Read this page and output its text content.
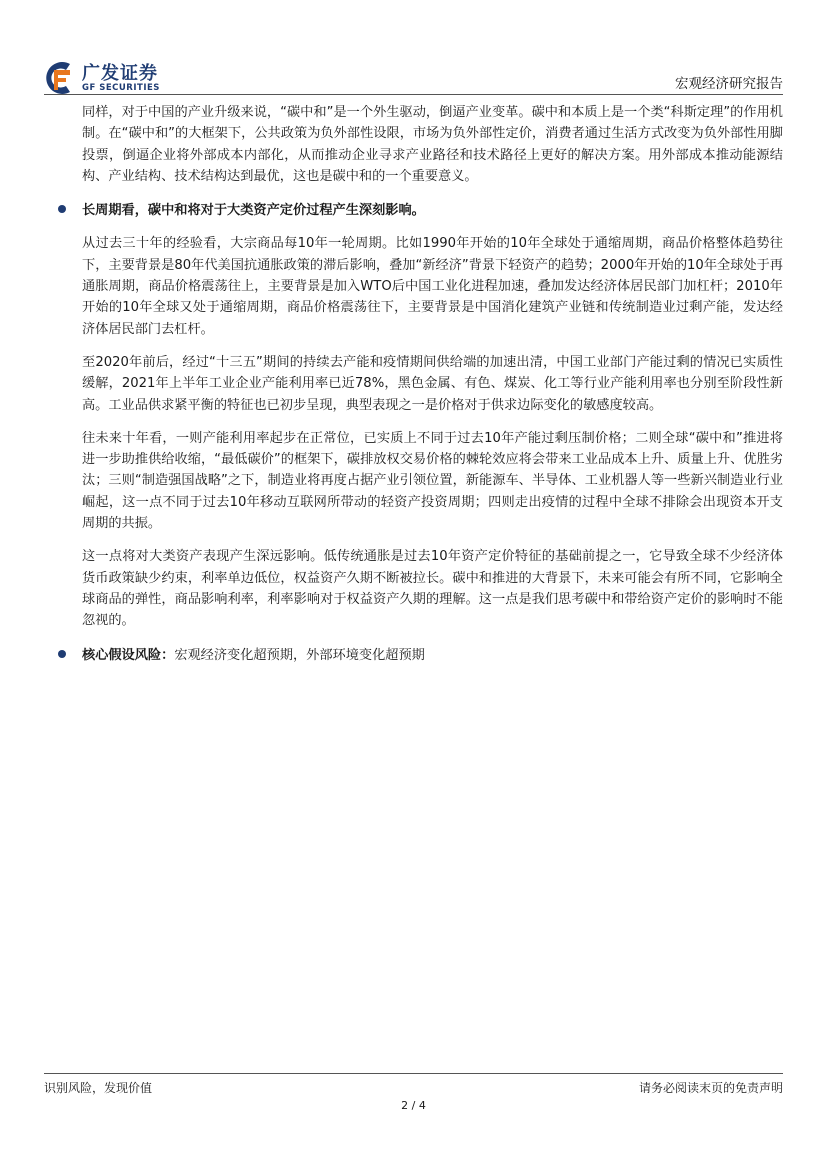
广发证券
GF SECURITIES	宏观经济研究报告

同样，对于中国的产业升级来说，“碳中和”是一个外生驱动，倒逼产业变革。碳中和本质上是一个类“科斯定理”的作用机制。在“碳中和”的大框架下，公共政策为负外部性设限，市场为负外部性定价，消费者通过生活方式改变为负外部性用脚投票，倒逼企业将外部成本内部化，从而推动企业寻求产业路径和技术路径上更好的解决方案。用外部成本推动能源结构、产业结构、技术结构达到最优，这也是碳中和的一个重要意义。

长周期看，碳中和将对于大类资产定价过程产生深刻影响。

从过去三十年的经验看，大宗商品每10年一轮周期。比如1990年开始的10年全球处于通缩周期，商品价格整体趋势往下，主要背景是80年代美国抗通胀政策的滞后影响，叠加“新经济”背景下轻资产的趋势；2000年开始的10年全球处于再通胀周期，商品价格震荡往上，主要背景是加入WTO后中国工业化进程加速，叠加发达经济体居民部门加杠杆；2010年开始的10年全球又处于通缩周期，商品价格震荡往下，主要背景是中国消化建筑产业链和传统制造业过剩产能，发达经济体居民部门去杠杆。

至2020年前后，经过“十三五”期间的持续去产能和疫情期间供给端的加速出清，中国工业部门产能过剩的情况已实质性缓解，2021年上半年工业企业产能利用率已近78%，黑色金属、有色、煤炭、化工等行业产能利用率也分别至阶段性新高。工业品供求紧平衡的特征也已初步呈现，典型表现之一是价格对于供求边际变化的敏感度较高。

往未来十年看，一则产能利用率起步在正常位，已实质上不同于过去10年产能过剩压制价格；二则全球“碳中和”推进将进一步助推供给收缩，“最低碳价”的框架下，碳排放权交易价格的棘轮效应将会带来工业品成本上升、质量上升、优胜劣汰；三则“制造强国战略”之下，制造业将再度占据产业引领位置，新能源车、半导体、工业机器人等一些新兴制造业行业崛起，这一点不同于过去10年移动互联网所带动的轻资产投资周期；四则走出疫情的过程中全球不排除会出现资本开支周期的共振。

这一点将对大类资产表现产生深远影响。低传统通胀是过去10年资产定价特征的基础前提之一，它导致全球不少经济体货币政策缺少约束，利率单边低位，权益资产久期不断被拉长。碳中和推进的大背景下，未来可能会有所不同，它影响全球商品的弹性，商品影响利率，利率影响对于权益资产久期的理解。这一点是我们思考碳中和带给资产定价的影响时不能忽视的。

核心假设风险：宏观经济变化超预期，外部环境变化超预期
识别风险，发现价值	请务必阅读末页的免责声明
2 / 4
